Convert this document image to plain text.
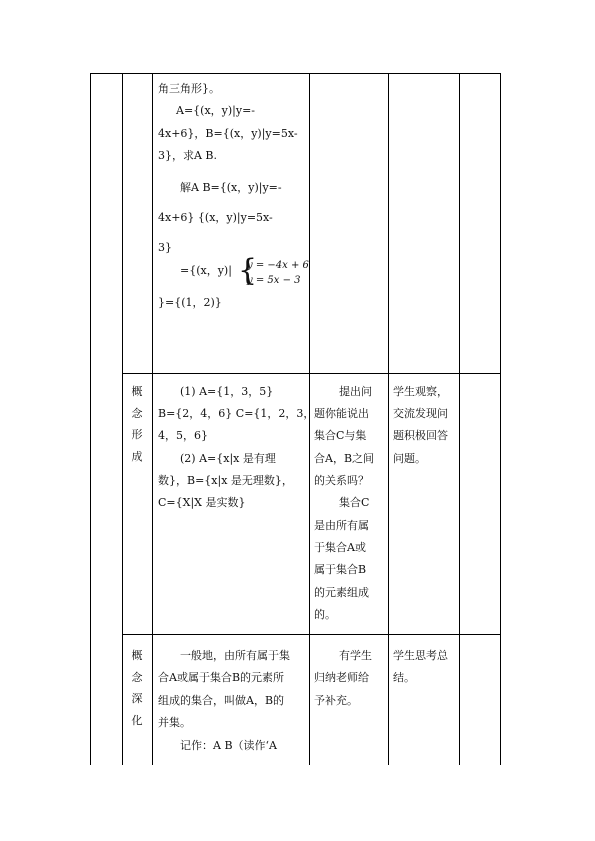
角三角形}。
A={(x，y)|y=-
4x+6}，B={(x，y)|y=5x-
3}，求A B.
解A B={(x，y)|y=-
4x+6} {(x，y)|y=5x-
3}
={(x，y)| {
y = −4x + 6
y = 5x − 3
}={(1，2)}
概
念
形
成
(1) A={1，3，5}
B={2，4，6} C={1，2，3，
4，5，6}
(2) A={x|x 是有理
数}，B={x|x 是无理数}，
C={X|X 是实数}
提出问
题你能说出
集合C与集
合A，B之间
的关系吗？
集合C
是由所有属
于集合A或
属于集合B
的元素组成
的。
学生观察，
交流发现问
题积极回答
问题。
概
念
深
化
一般地，由所有属于集
合A或属于集合B的元素所
组成的集合，叫做A，B的
并集。
记作：A B（读作‘A
有学生
归纳老师给
予补充。
学生思考总
结。
